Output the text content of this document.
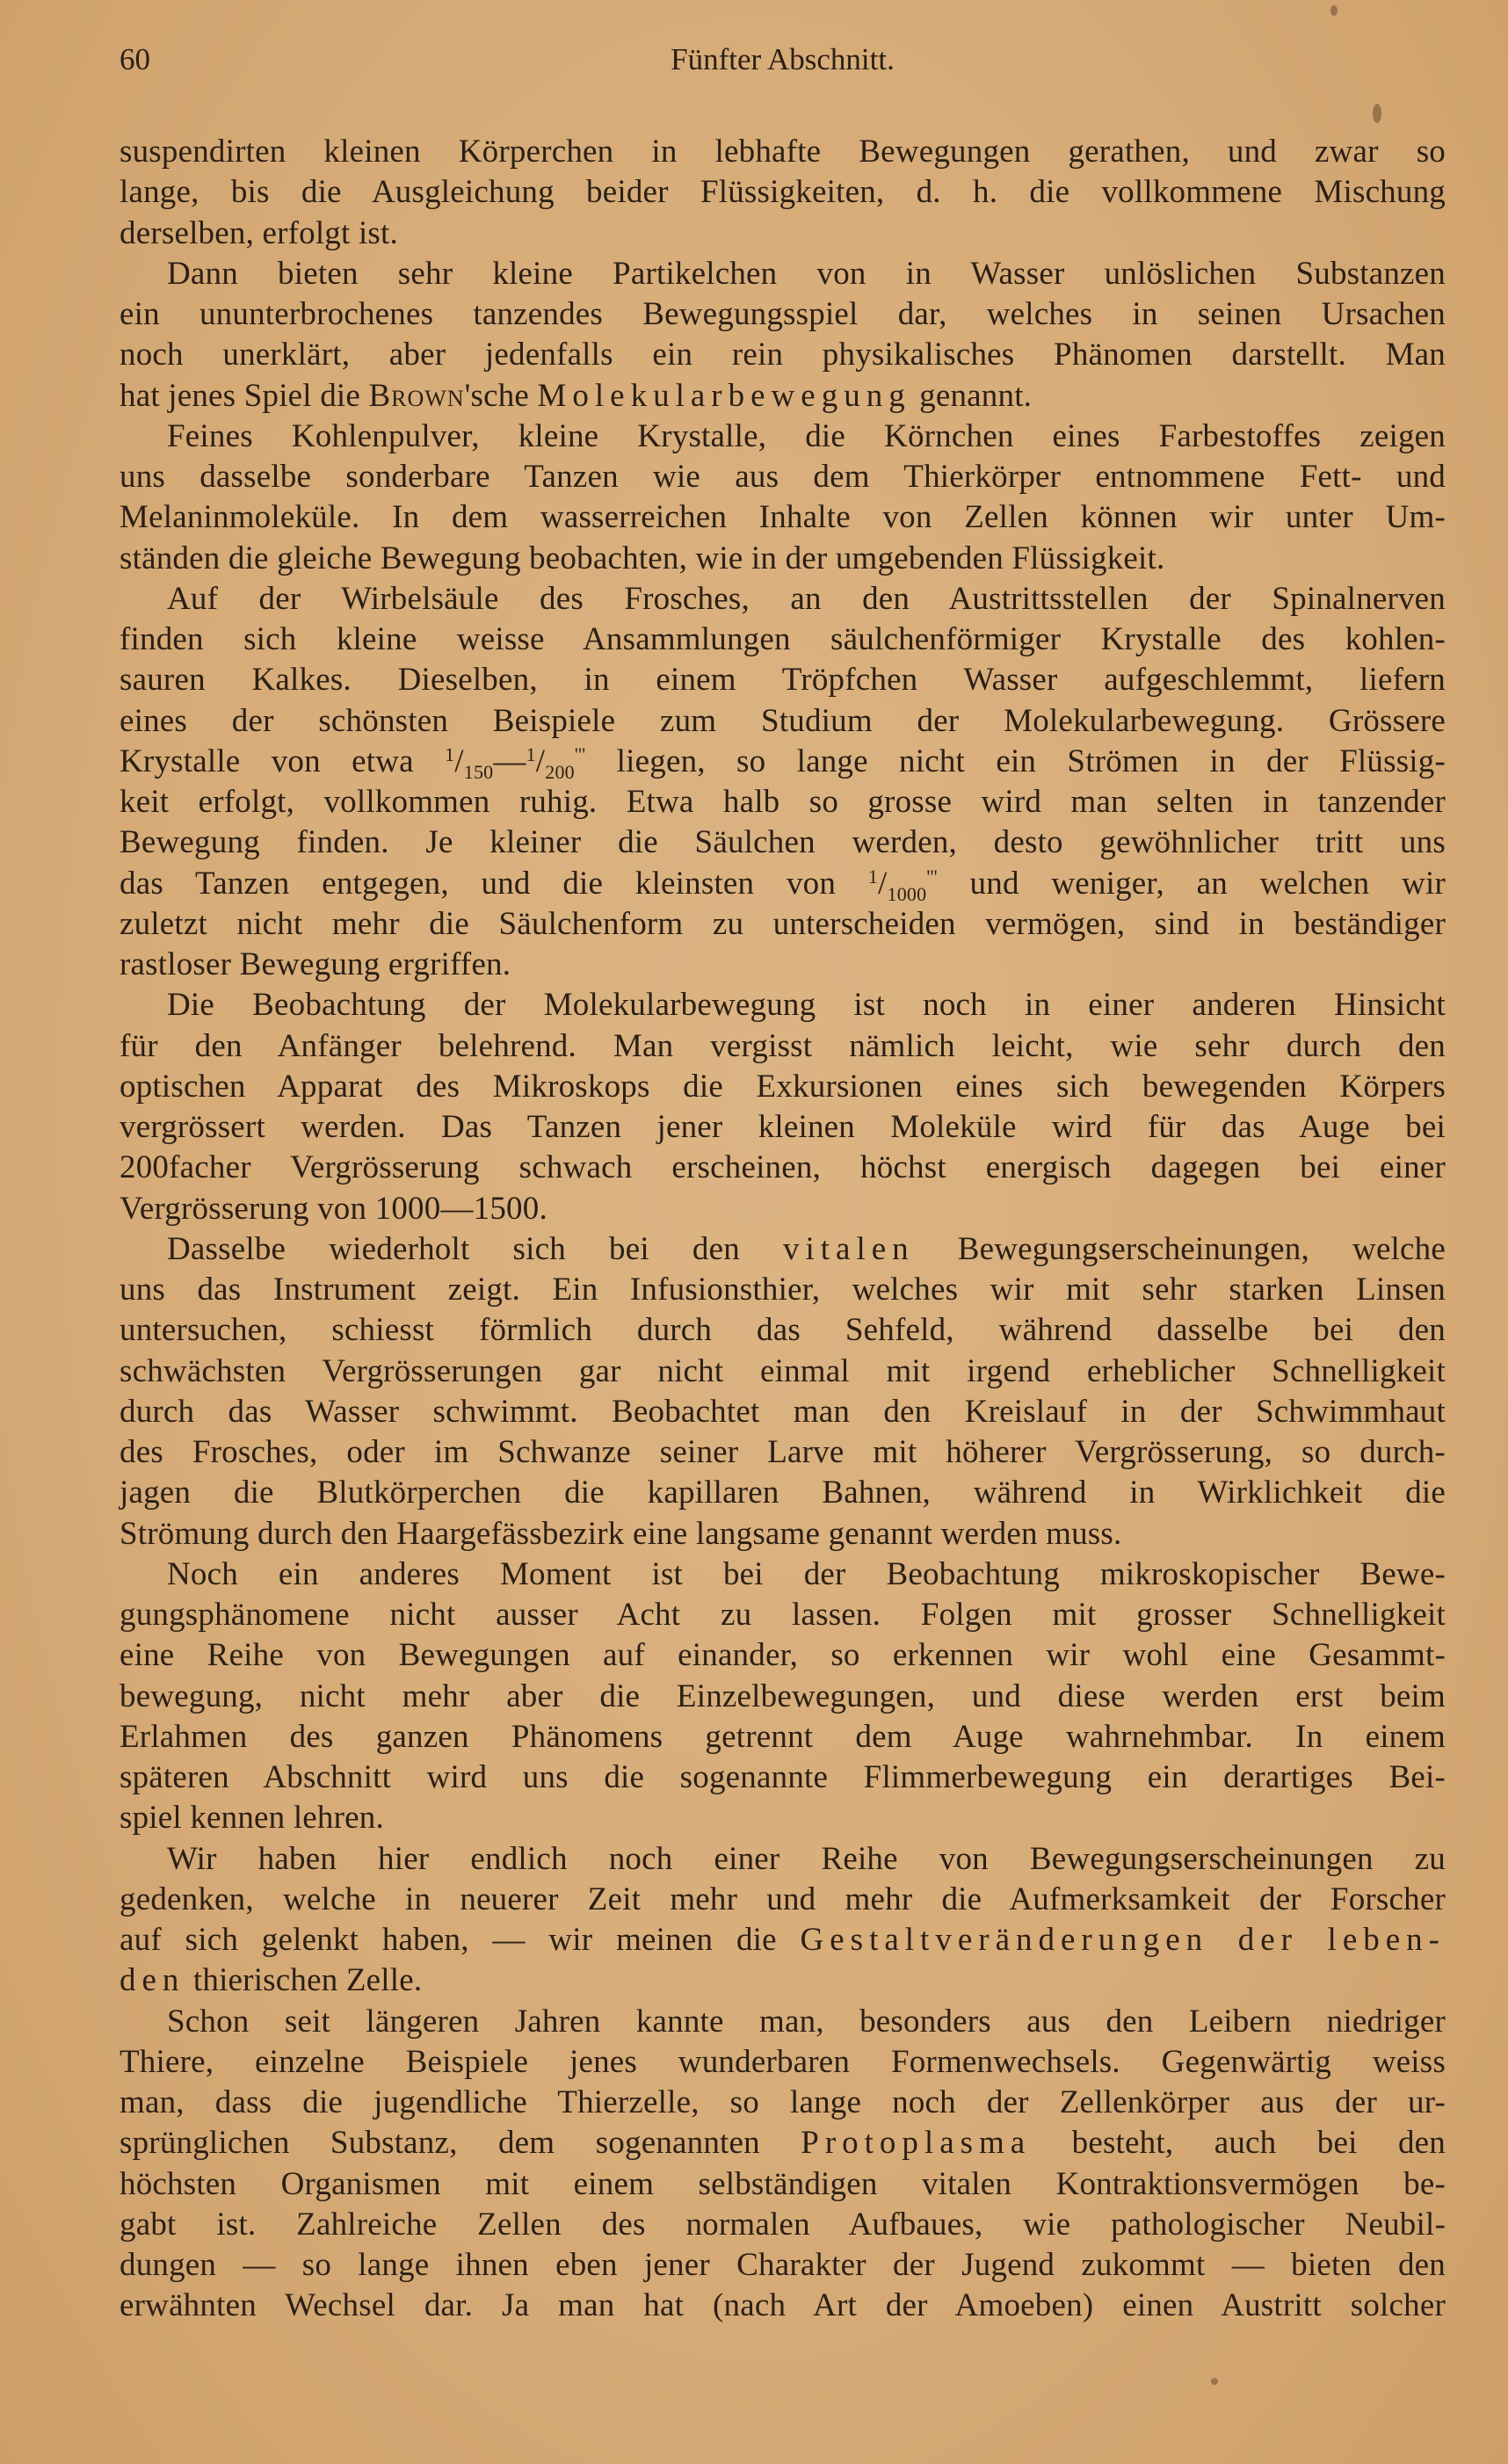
60	Fünfter Abschnitt.
suspendirten kleinen Körperchen in lebhafte Bewegungen gerathen, und zwar so
lange, bis die Ausgleichung beider Flüssigkeiten, d. h. die vollkommene Mischung
derselben, erfolgt ist.
Dann bieten sehr kleine Partikelchen von in Wasser unlöslichen Substanzen
ein ununterbrochenes tanzendes Bewegungsspiel dar, welches in seinen Ursachen
noch unerklärt, aber jedenfalls ein rein physikalisches Phänomen darstellt. Man
hat jenes Spiel die Brown'sche Molekularbewegung genannt.
Feines Kohlenpulver, kleine Krystalle, die Körnchen eines Farbestoffes zeigen
uns dasselbe sonderbare Tanzen wie aus dem Thierkörper entnommene Fett- und
Melaninmoleküle. In dem wasserreichen Inhalte von Zellen können wir unter Um-
ständen die gleiche Bewegung beobachten, wie in der umgebenden Flüssigkeit.
Auf der Wirbelsäule des Frosches, an den Austrittsstellen der Spinalnerven
finden sich kleine weisse Ansammlungen säulchenförmiger Krystalle des kohlen-
sauren Kalkes. Dieselben, in einem Tröpfchen Wasser aufgeschlemmt, liefern
eines der schönsten Beispiele zum Studium der Molekularbewegung. Grössere
Krystalle von etwa $^1/_{150}—^1/_{200}'''$ liegen, so lange nicht ein Strömen in der Flüssig-
keit erfolgt, vollkommen ruhig. Etwa halb so grosse wird man selten in tanzender
Bewegung finden. Je kleiner die Säulchen werden, desto gewöhnlicher tritt uns
das Tanzen entgegen, und die kleinsten von $^1/_{1000}'''$ und weniger, an welchen wir
zuletzt nicht mehr die Säulchenform zu unterscheiden vermögen, sind in beständiger
rastloser Bewegung ergriffen.
Die Beobachtung der Molekularbewegung ist noch in einer anderen Hinsicht
für den Anfänger belehrend. Man vergisst nämlich leicht, wie sehr durch den
optischen Apparat des Mikroskops die Exkursionen eines sich bewegenden Körpers
vergrössert werden. Das Tanzen jener kleinen Moleküle wird für das Auge bei
200facher Vergrösserung schwach erscheinen, höchst energisch dagegen bei einer
Vergrösserung von 1000—1500.
Dasselbe wiederholt sich bei den vitalen Bewegungserscheinungen, welche
uns das Instrument zeigt. Ein Infusionsthier, welches wir mit sehr starken Linsen
untersuchen, schiesst förmlich durch das Sehfeld, während dasselbe bei den
schwächsten Vergrösserungen gar nicht einmal mit irgend erheblicher Schnelligkeit
durch das Wasser schwimmt. Beobachtet man den Kreislauf in der Schwimmhaut
des Frosches, oder im Schwanze seiner Larve mit höherer Vergrösserung, so durch-
jagen die Blutkörperchen die kapillaren Bahnen, während in Wirklichkeit die
Strömung durch den Haargefässbezirk eine langsame genannt werden muss.
Noch ein anderes Moment ist bei der Beobachtung mikroskopischer Bewe-
gungsphänomene nicht ausser Acht zu lassen. Folgen mit grosser Schnelligkeit
eine Reihe von Bewegungen auf einander, so erkennen wir wohl eine Gesammt-
bewegung, nicht mehr aber die Einzelbewegungen, und diese werden erst beim
Erlahmen des ganzen Phänomens getrennt dem Auge wahrnehmbar. In einem
späteren Abschnitt wird uns die sogenannte Flimmerbewegung ein derartiges Bei-
spiel kennen lehren.
Wir haben hier endlich noch einer Reihe von Bewegungserscheinungen zu
gedenken, welche in neuerer Zeit mehr und mehr die Aufmerksamkeit der Forscher
auf sich gelenkt haben, — wir meinen die Gestaltveränderungen der leben-
den thierischen Zelle.
Schon seit längeren Jahren kannte man, besonders aus den Leibern niedriger
Thiere, einzelne Beispiele jenes wunderbaren Formenwechsels. Gegenwärtig weiss
man, dass die jugendliche Thierzelle, so lange noch der Zellenkörper aus der ur-
sprünglichen Substanz, dem sogenannten Protoplasma besteht, auch bei den
höchsten Organismen mit einem selbständigen vitalen Kontraktionsvermögen be-
gabt ist. Zahlreiche Zellen des normalen Aufbaues, wie pathologischer Neubil-
dungen — so lange ihnen eben jener Charakter der Jugend zukommt — bieten den
erwähnten Wechsel dar. Ja man hat (nach Art der Amoeben) einen Austritt solcher
